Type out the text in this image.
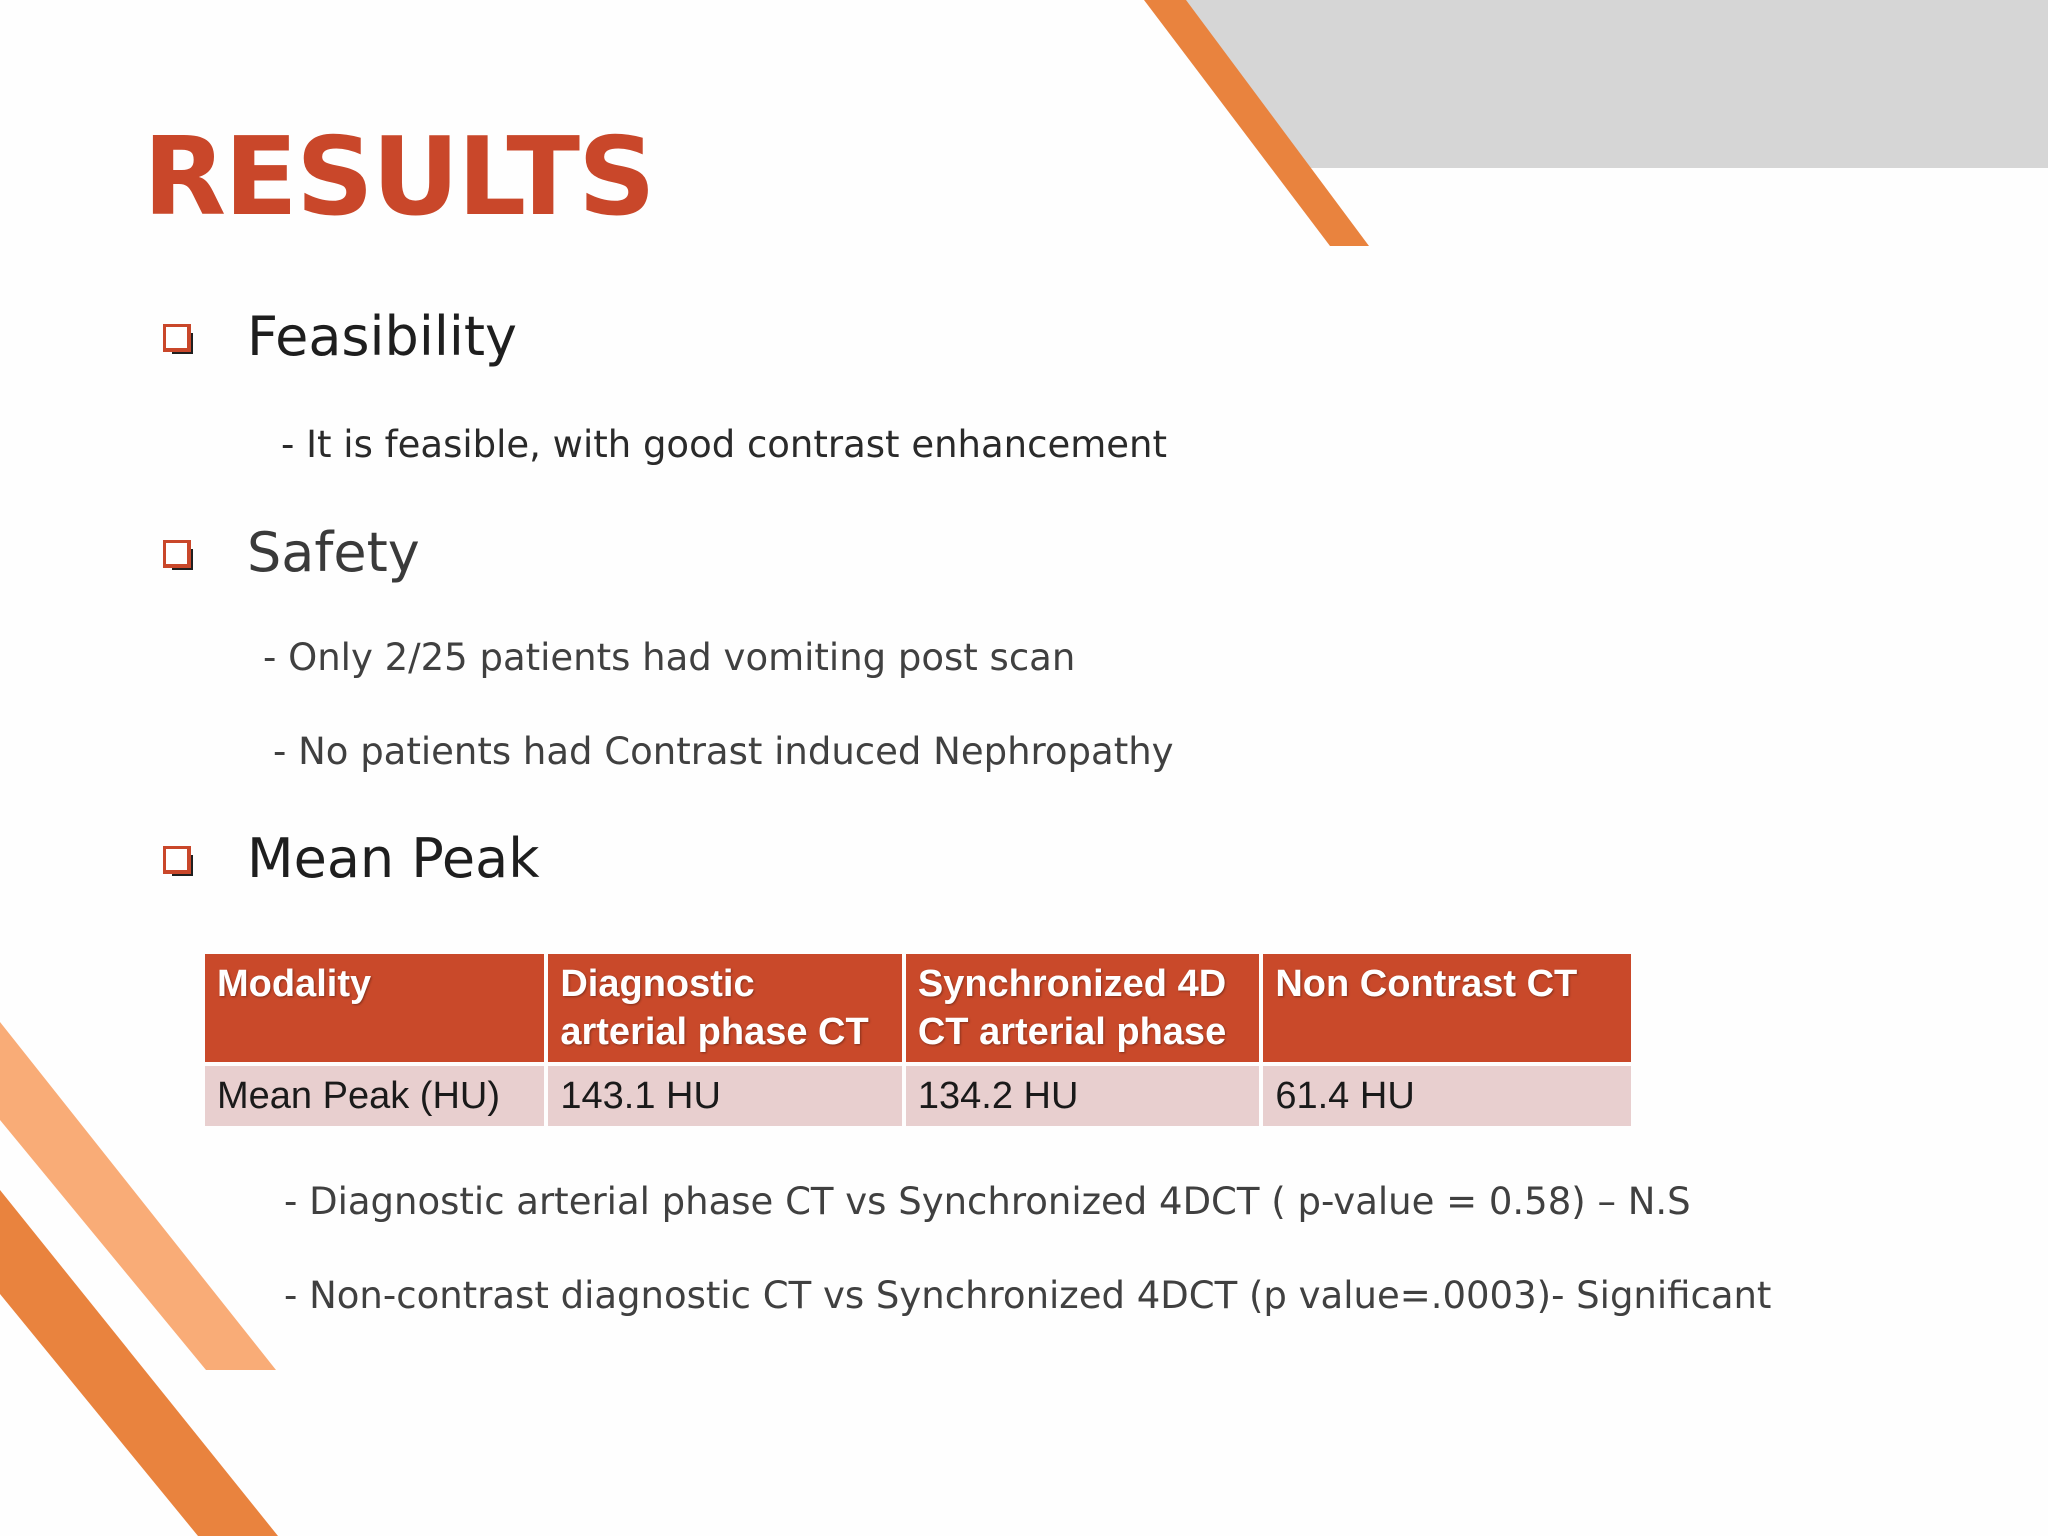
RESULTS
Feasibility

- It is feasible, with good contrast enhancement

Safety

- Only 2/25 patients had vomiting post scan

- No patients had Contrast induced Nephropathy

Mean Peak
Modality	Diagnostic arterial phase CT	Synchronized 4D CT arterial phase	Non Contrast CT
Mean Peak (HU)	143.1 HU	134.2 HU	61.4 HU

- Diagnostic arterial phase CT vs Synchronized 4DCT ( p-value = 0.58) – N.S

- Non-contrast diagnostic CT vs Synchronized 4DCT (p value=.0003)- Significant
